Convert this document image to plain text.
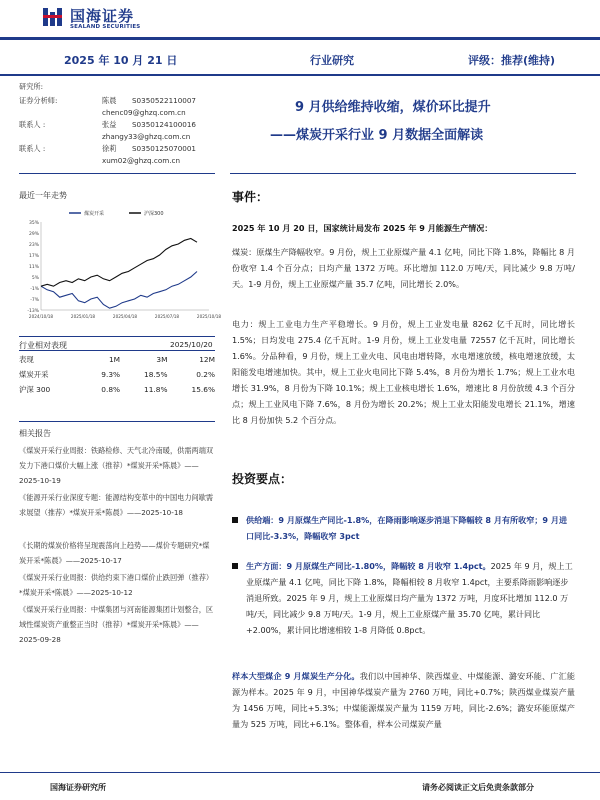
国海证券
SEALAND SECURITIES
2025 年 10 月 21 日	行业研究	评级：推荐(维持)
研究所:
证券分析师:	陈晨 S0350522110007
chenc09@ghzq.com.cn
联系人 :	张益 S0350124100016
zhangy33@ghzq.com.cn
联系人 :	徐莉 S0350125070001
xum02@ghzq.com.cn
9 月供给维持收缩，煤价环比提升
——煤炭开采行业 9 月数据全面解读
最近一年走势
煤炭开采	沪深300
35%
29%
23%
17%
11%
5%
-1%
-7%
-13%
2024/10/18	2025/01/18	2025/04/18	2025/07/18	2025/10/18
行业相对表现	2025/10/20
表现	1M	3M	12M
煤炭开采	9.3%	18.5%	0.2%
沪深 300	0.8%	11.8%	15.6%
相关报告
《煤炭开采行业周报：铁路检修、天气北冷南暖，供需两端双发力下港口煤价大幅上涨（推荐）*煤炭开采*陈晨》——2025-10-19
《能源开采行业深度专题：能源结构变革中的中国电力间歇需求展望（推荐）*煤炭开采*陈晨》——2025-10-18
《长期的煤炭价格将呈现震荡向上趋势——煤价专题研究*煤炭开采*陈晨》——2025-10-17
《煤炭开采行业周报：供给约束下港口煤价止跌回弹（推荐）*煤炭开采*陈晨》——2025-10-12
《煤炭开采行业周报：中煤集团与河南能源集团计划整合，区域性煤炭资产重整正当时（推荐）*煤炭开采*陈晨》——2025-09-28
事件：
2025 年 10 月 20 日，国家统计局发布 2025 年 9 月能源生产情况：
煤炭：原煤生产降幅收窄。9 月份，规上工业原煤产量 4.1 亿吨，同比下降 1.8%，降幅比 8 月份收窄 1.4 个百分点；日均产量 1372 万吨。环比增加 112.0 万吨/天，同比减少 9.8 万吨/天。1-9 月份，规上工业原煤产量 35.7 亿吨，同比增长 2.0%。
电力：规上工业电力生产平稳增长。9 月份，规上工业发电量 8262 亿千瓦时，同比增长 1.5%；日均发电 275.4 亿千瓦时。1-9 月份，规上工业发电量 72557 亿千瓦时，同比增长 1.6%。分品种看，9 月份，规上工业火电、风电由增转降，水电增速放缓，核电增速放缓，太阳能发电增速加快。其中，规上工业火电同比下降 5.4%，8 月份为增长 1.7%；规上工业水电增长 31.9%，8 月份为下降 10.1%；规上工业核电增长 1.6%，增速比 8 月份放缓 4.3 个百分点；规上工业风电下降 7.6%，8 月份为增长 20.2%；规上工业太阳能发电增长 21.1%，增速比 8 月份加快 5.2 个百分点。
投资要点：
供给端：9 月原煤生产同比-1.8%，在降雨影响逐步消退下降幅较 8 月有所收窄；9 月进口同比-3.3%，降幅收窄 3pct
生产方面：9 月原煤生产同比-1.80%，降幅较 8 月收窄 1.4pct。2025 年 9 月，规上工业原煤产量 4.1 亿吨，同比下降 1.8%，降幅相较 8 月收窄 1.4pct，主要系降雨影响逐步消退所致。2025 年 9 月，规上工业原煤日均产量为 1372 万吨，月度环比增加 112.0 万吨/天，同比减少 9.8 万吨/天。1-9 月，规上工业原煤产量 35.70 亿吨，累计同比+2.00%，累计同比增速相较 1-8 月降低 0.8pct。
样本大型煤企 9 月煤炭生产分化。我们以中国神华、陕西煤业、中煤能源、潞安环能、广汇能源为样本。2025 年 9 月，中国神华煤炭产量为 2760 万吨，同比+0.7%；陕西煤业煤炭产量为 1456 万吨，同比+5.3%；中煤能源煤炭产量为 1159 万吨，同比-2.6%；潞安环能原煤产量为 525 万吨，同比+6.1%。整体看，样本公司煤炭产量
国海证券研究所	请务必阅读正文后免责条款部分
